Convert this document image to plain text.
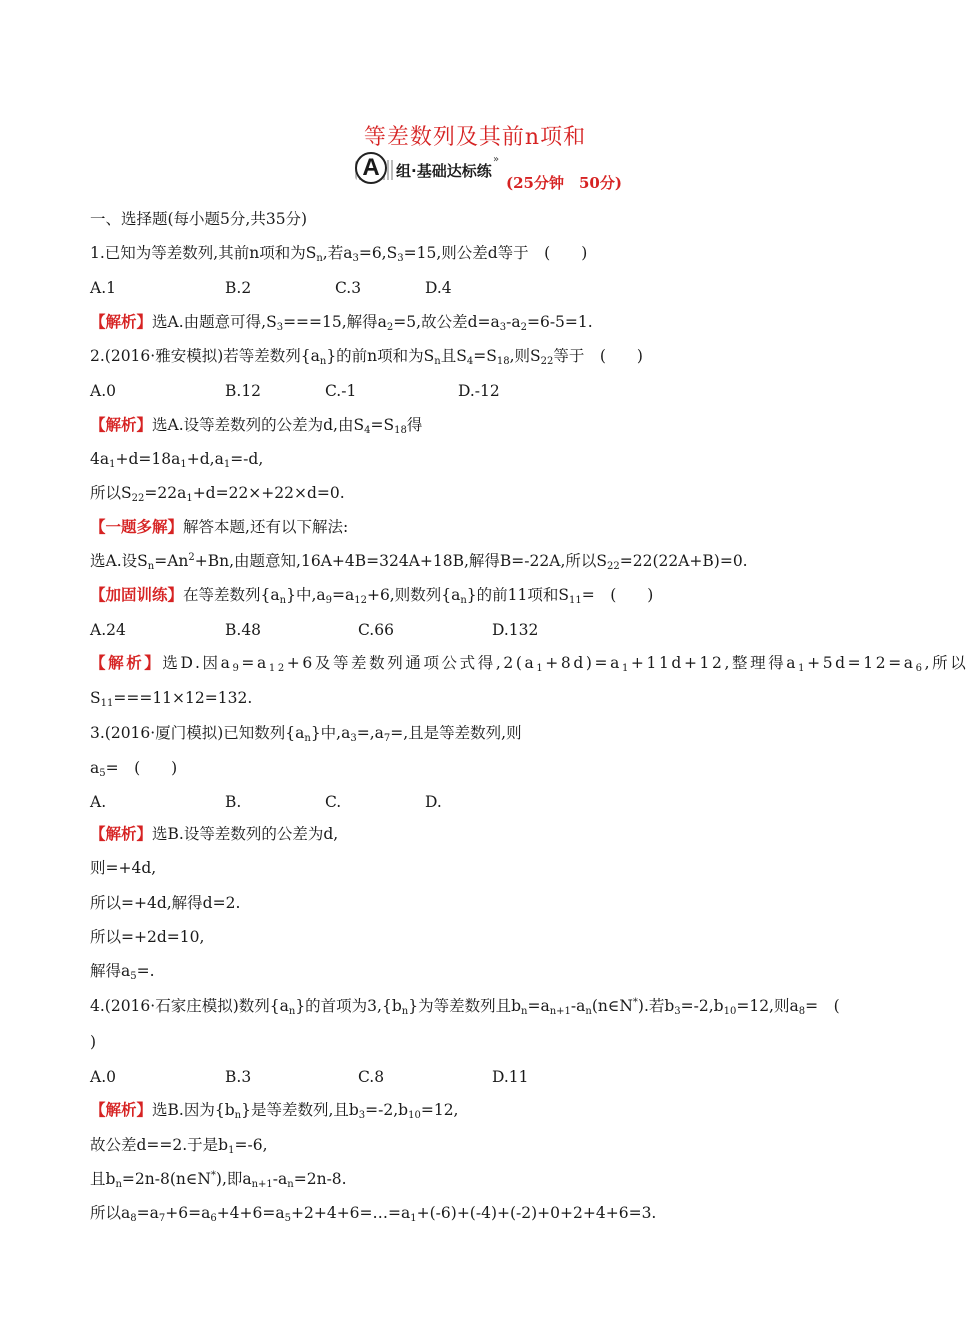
等差数列及其前n项和
A	组·基础达标练
»
(25分钟　50分)
一、选择题(每小题5分,共35分)
1.已知为等差数列,其前n项和为$S_n$,若$a_3=6,S_3=15$,则公差d等于　(　　)
A.1	B.2	C.3	D.4
【解析】选A.由题意可得$,S_3===15$,解得$a_2=5$,故公差$d=a_3-a_2=6-5=1$.
2.(2016·雅安模拟)若等差数列$\{a_n\}$的前n项和为$S_n$且$S_4=S_{18}$,则$S_{22}$等于　(　　)
A.0	B.12	C.-1	D.-12
【解析】选A.设等差数列的公差为d,由$S_4=S_{18}$得
$4a_1+d=18a_1+d,a_1=-d$,
所以$S_{22}=22a_1+d=22\times+22\times d=0$.
【一题多解】解答本题,还有以下解法:
选A.设$S_n=An^2+Bn$,由题意知,16A+4B=324A+18B,解得B=-22A,所以$S_{22}=22(22A+B)=0$.
【加固训练】在等差数列$\{a_n\}$中$,a_9=a_{12}+6$,则数列$\{a_n\}$的前11项和$S_{11}=$　(　　)
A.24	B.48	C.66	D.132
【解析】选D.因$a_9=a_{12}+6$及等差数列通项公式得$,2(a_1+8d)=a_1+11d+12$,整理得$a_1+5d=12=a_6$,所以
$S_{11}===11\times 12=132$.
3.(2016·厦门模拟)已知数列$\{a_n\}$中$,a_3=,a_7=$,且是等差数列,则
$a_5=$　(　　)
A.	B.	C.	D.
【解析】选B.设等差数列的公差为d,
则=+4d,
所以=+4d,解得d=2.
所以=+2d=10,
解得$a_5=$.
4.(2016·石家庄模拟)数列$\{a_n\}$的首项为$3,\{b_n\}$为等差数列且$b_n=a_{n+1}-a_n(n\in N^*)$.若$b_3=-2,b_{10}=12$,则$a_8=$　(
)
A.0	B.3	C.8	D.11
【解析】选B.因为$\{b_n\}$是等差数列,且$b_3=-2,b_{10}=12$,
故公差d==2.于是$b_1=-6$,
且$b_n=2n-8(n\in N^*)$,即$a_{n+1}-a_n=2n-8$.
所以$a_8=a_7+6=a_6+4+6=a_5+2+4+6=\dots=a_1+(-6)+(-4)+(-2)+0+2+4+6=3$.
